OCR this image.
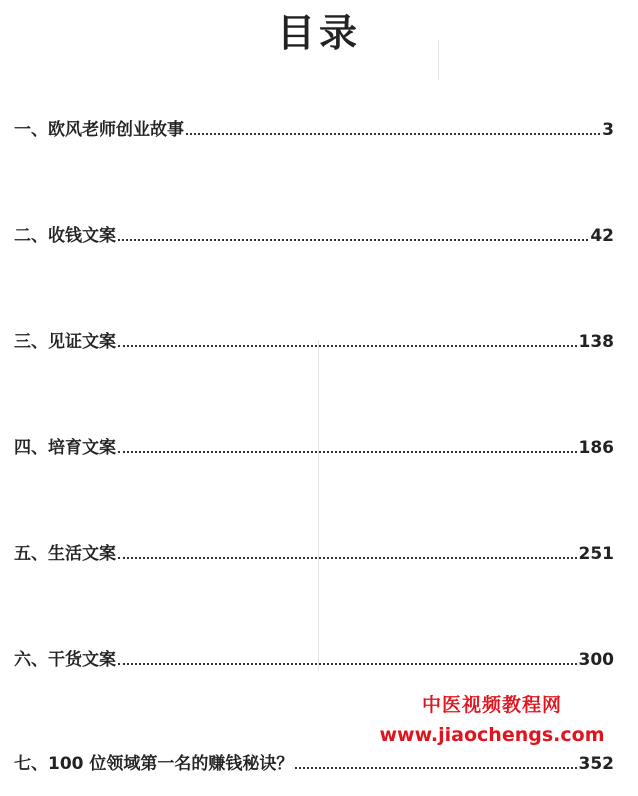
目录
一、欧风老师创业故事	3
二、收钱文案	42
三、见证文案	138
四、培育文案	186
五、生活文案	251
六、干货文案	300
中医视频教程网
www.jiaochengs.com
七、100 位领域第一名的赚钱秘诀？	352
